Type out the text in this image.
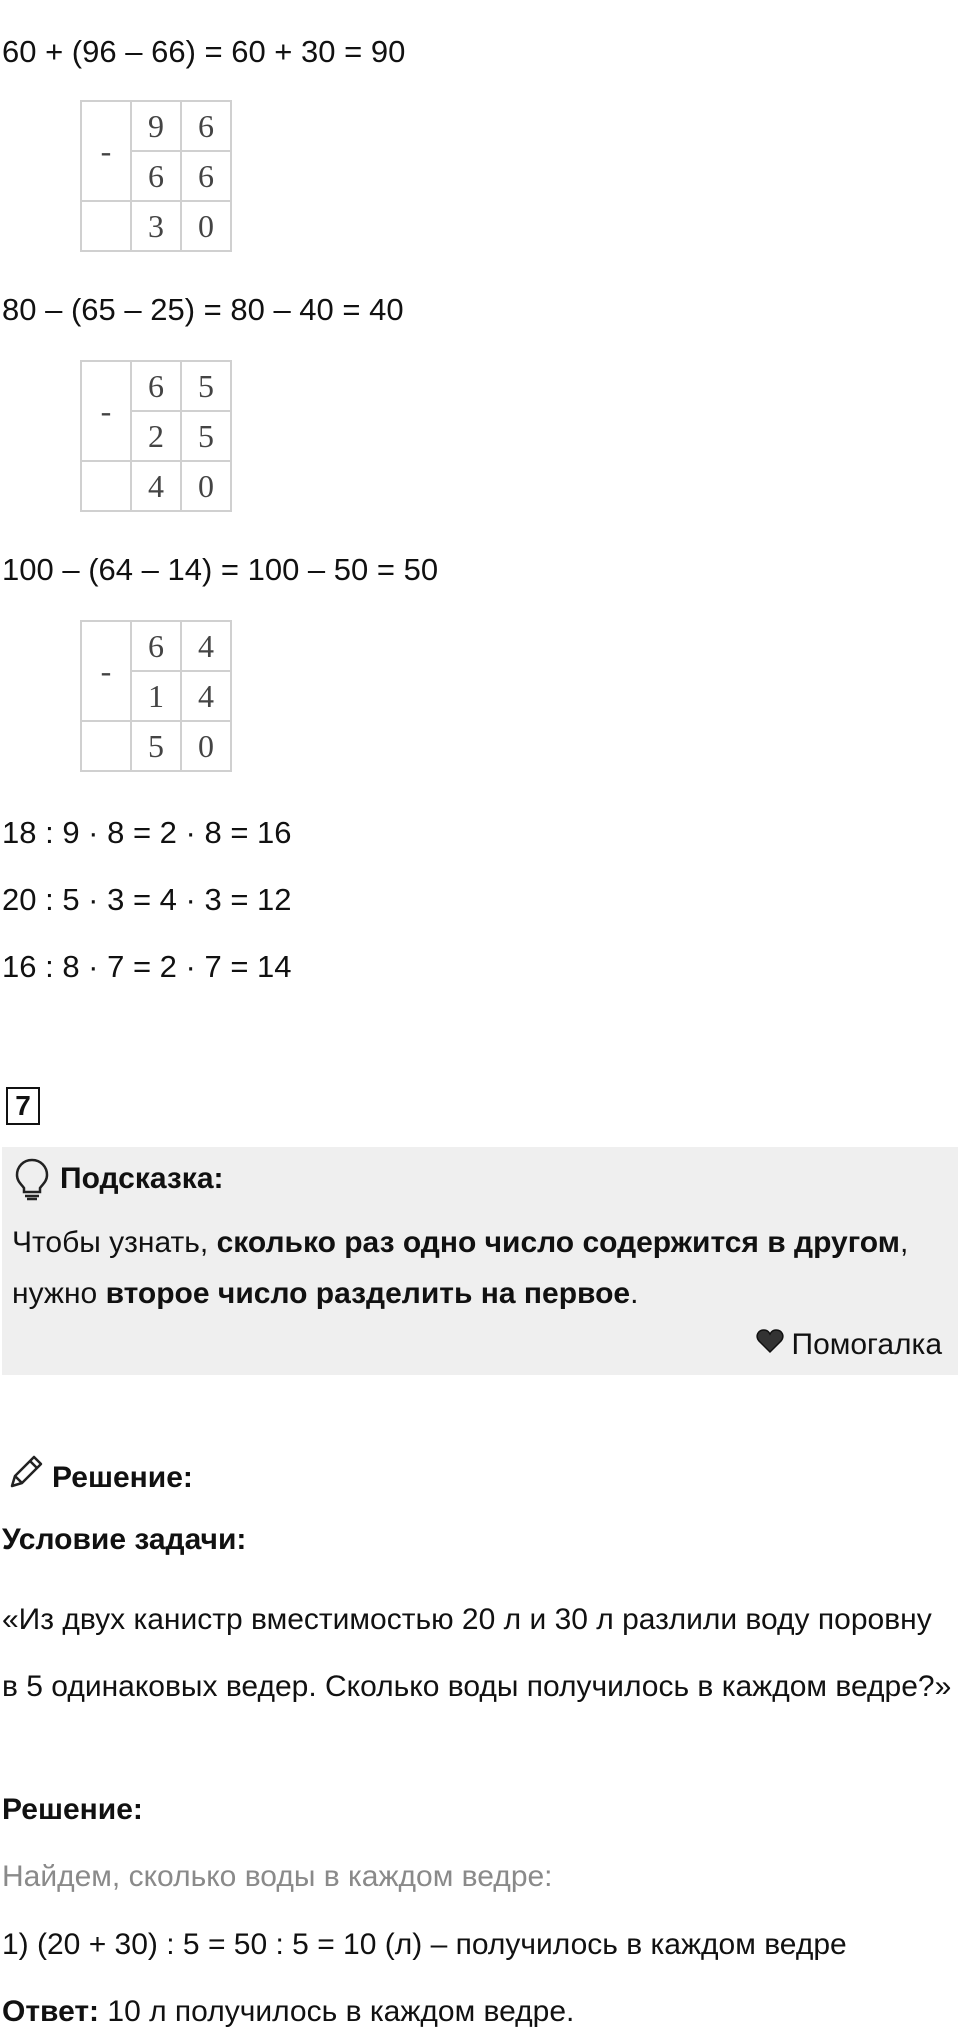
60 + (96 – 66) = 60 + 30 = 90
-	9	6
	6	6
	3	0
80 – (65 – 25) = 80 – 40 = 40
-	6	5
	2	5
	4	0
100 – (64 – 14) = 100 – 50 = 50
-	6	4
	1	4
	5	0
18 : 9 · 8 = 2 · 8 = 16
20 : 5 · 3 = 4 · 3 = 12
16 : 8 · 7 = 2 · 7 = 14
7
Подсказка:
Чтобы узнать, сколько раз одно число содержится в другом, нужно второе число разделить на первое.
Помогалка
Решение:
Условие задачи:
«Из двух канистр вместимостью 20 л и 30 л разлили воду поровну в 5 одинаковых ведер. Сколько воды получилось в каждом ведре?»
Решение:
Найдем, сколько воды в каждом ведре:
1) (20 + 30) : 5 = 50 : 5 = 10 (л) – получилось в каждом ведре
Ответ: 10 л получилось в каждом ведре.
